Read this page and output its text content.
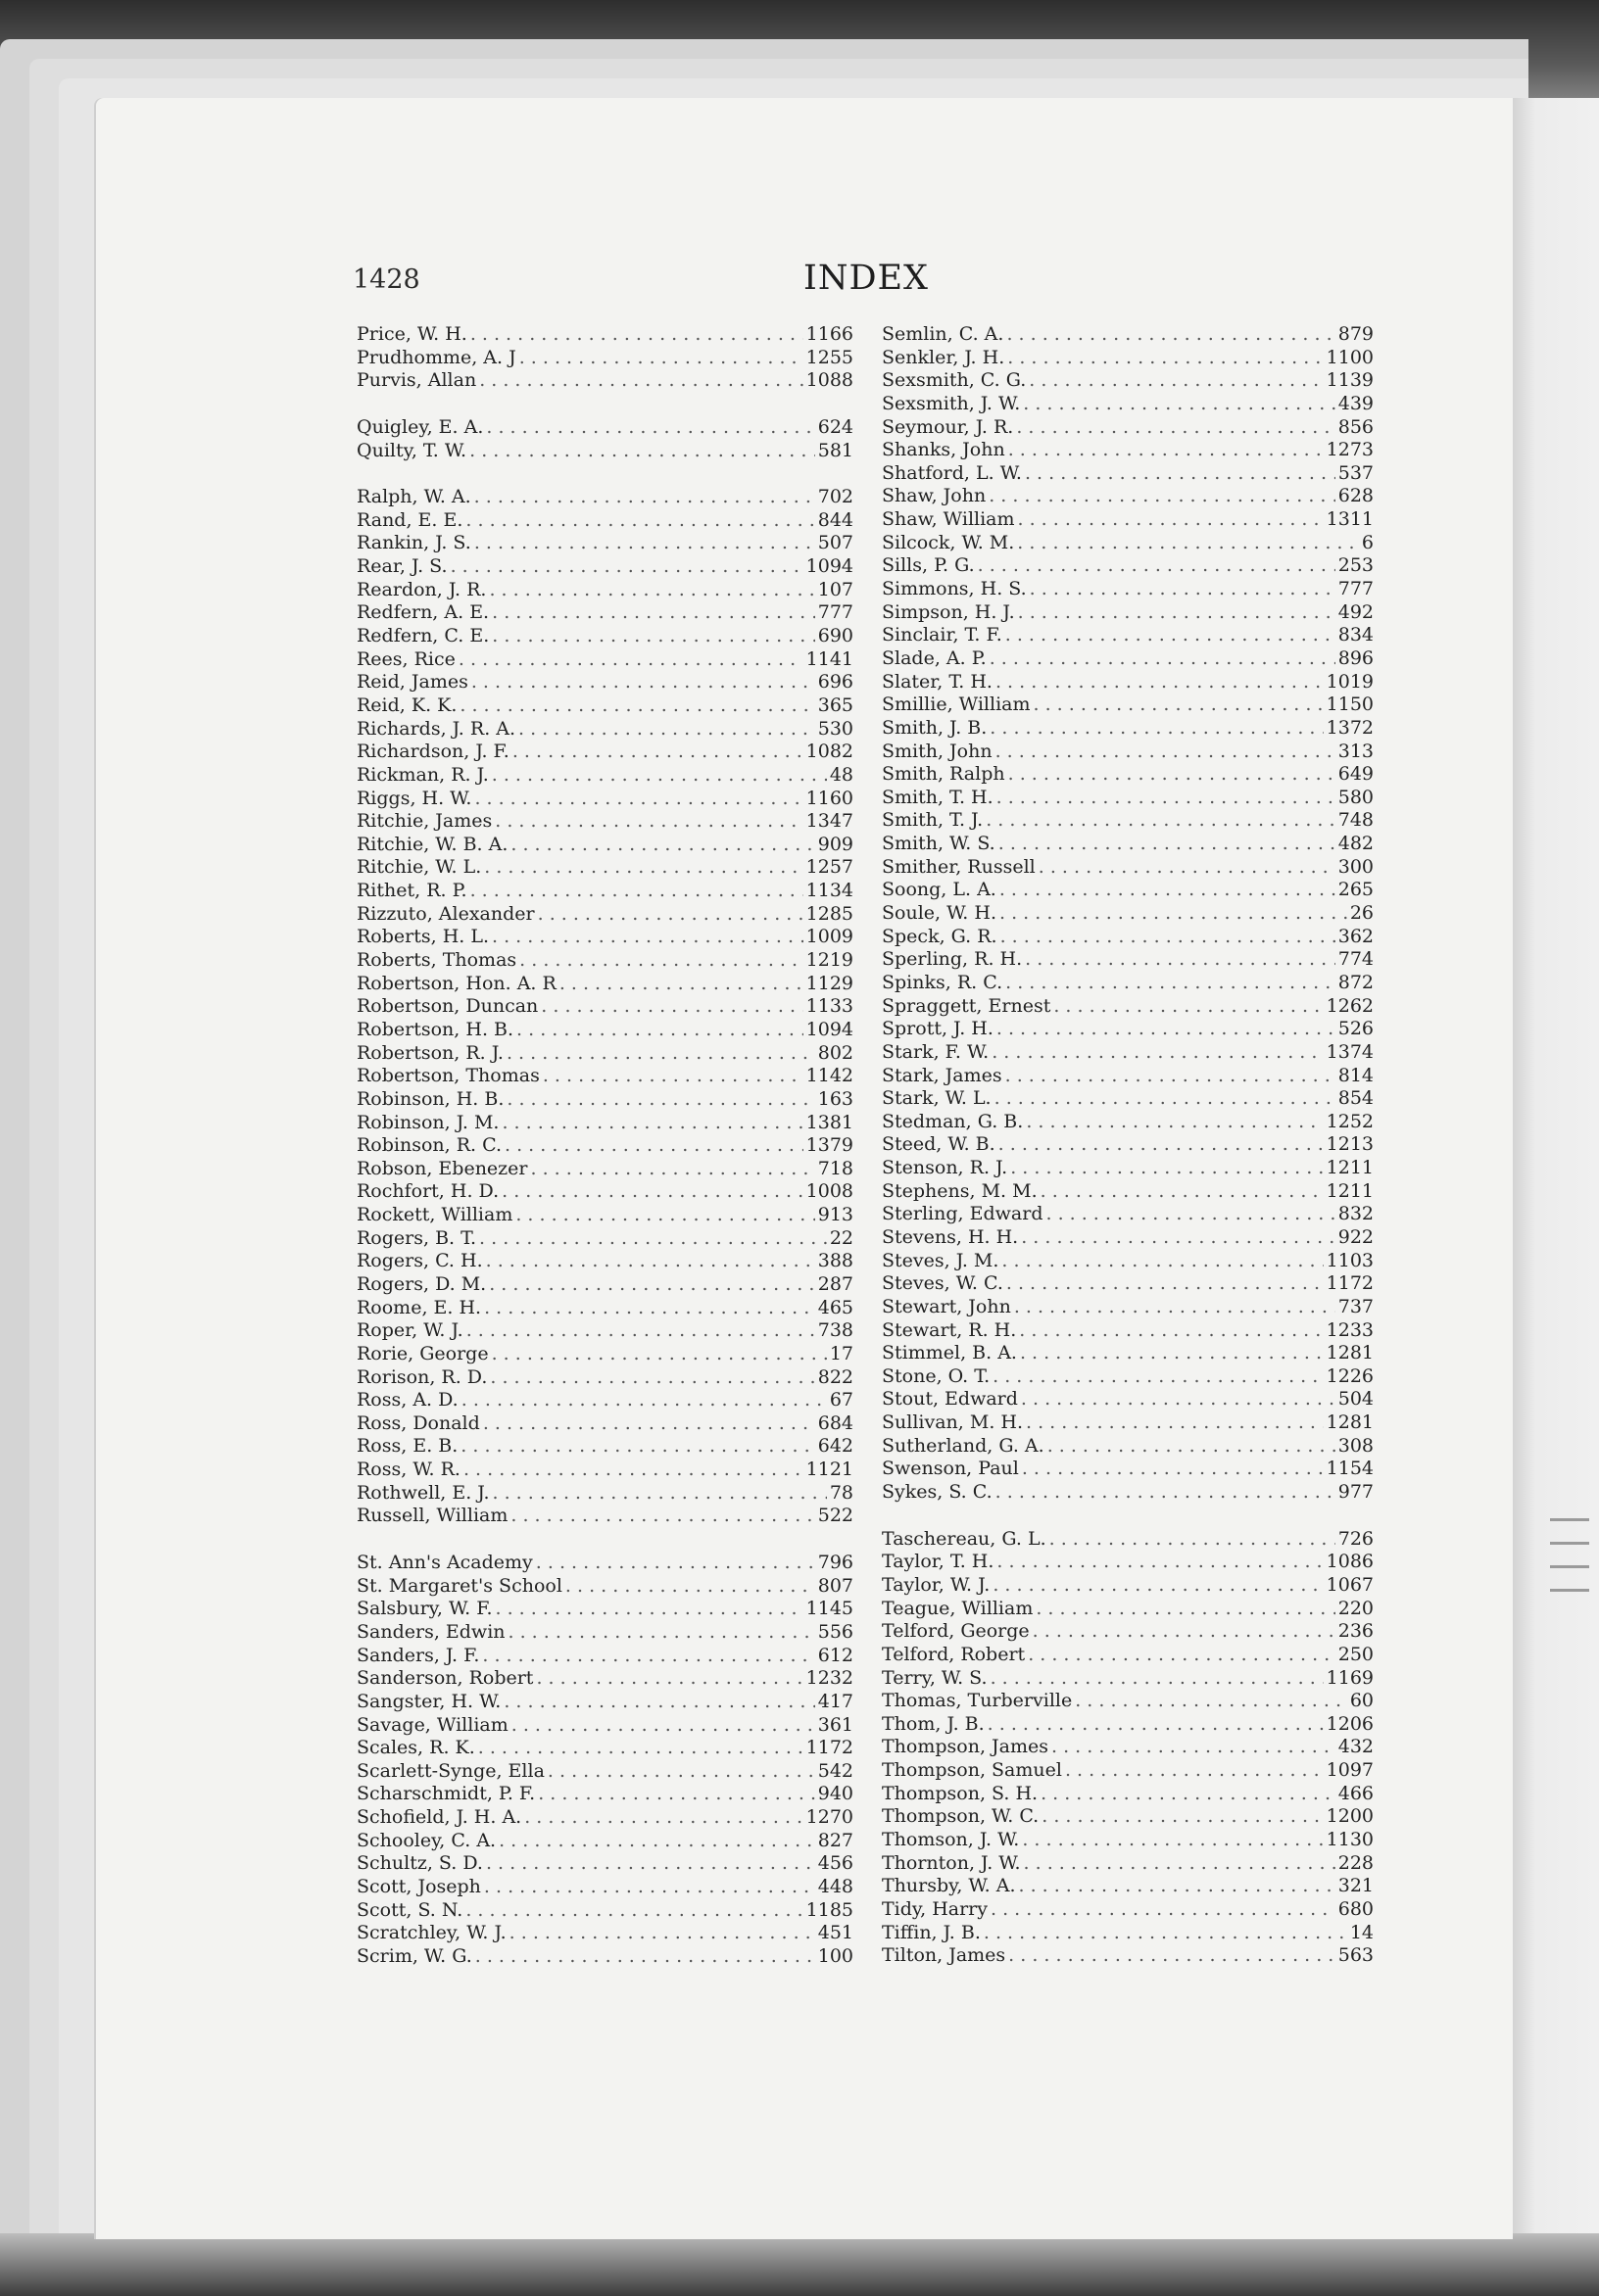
1428	INDEX
Price, W. H. . . .	1166
Prudhomme, A. J . . .	1255
Purvis, Allan . . .	1088
Quigley, E. A. . . .	624
Quilty, T. W. . . .	581
Ralph, W. A. . . .	702
Rand, E. E. . . .	844
Rankin, J. S. . . .	507
Rear, J. S. . . .	1094
Reardon, J. R. . . .	107
Redfern, A. E. . . .	777
Redfern, C. E. . . .	690
Rees, Rice . . .	1141
Reid, James . . .	696
Reid, K. K. . . .	365
Richards, J. R. A. . . .	530
Richardson, J. F. . . .	1082
Rickman, R. J. . . .	48
Riggs, H. W. . . .	1160
Ritchie, James . . .	1347
Ritchie, W. B. A. . . .	909
Ritchie, W. L. . . .	1257
Rithet, R. P. . . .	1134
Rizzuto, Alexander . . .	1285
Roberts, H. L. . . .	1009
Roberts, Thomas . . .	1219
Robertson, Hon. A. R . . .	1129
Robertson, Duncan . . .	1133
Robertson, H. B. . . .	1094
Robertson, R. J. . . .	802
Robertson, Thomas . . .	1142
Robinson, H. B. . . .	163
Robinson, J. M. . . .	1381
Robinson, R. C. . . .	1379
Robson, Ebenezer . . .	718
Rochfort, H. D. . . .	1008
Rockett, William . . .	913
Rogers, B. T. . . .	22
Rogers, C. H. . . .	388
Rogers, D. M. . . .	287
Roome, E. H. . . .	465
Roper, W. J. . . .	738
Rorie, George . . .	17
Rorison, R. D. . . .	822
Ross, A. D. . . .	67
Ross, Donald . . .	684
Ross, E. B. . . .	642
Ross, W. R. . . .	1121
Rothwell, E. J. . . .	78
Russell, William . . .	522
St. Ann's Academy . . .	796
St. Margaret's School . . .	807
Salsbury, W. F. . . .	1145
Sanders, Edwin . . .	556
Sanders, J. F. . . .	612
Sanderson, Robert . . .	1232
Sangster, H. W. . . .	417
Savage, William . . .	361
Scales, R. K. . . .	1172
Scarlett-Synge, Ella . . .	542
Scharschmidt, P. F. . . .	940
Schofield, J. H. A. . . .	1270
Schooley, C. A. . . .	827
Schultz, S. D. . . .	456
Scott, Joseph . . .	448
Scott, S. N. . . .	1185
Scratchley, W. J. . . .	451
Scrim, W. G. . . .	100
Semlin, C. A. . . .	879
Senkler, J. H. . . .	1100
Sexsmith, C. G. . . .	1139
Sexsmith, J. W. . . .	439
Seymour, J. R. . . .	856
Shanks, John . . .	1273
Shatford, L. W. . . .	537
Shaw, John . . .	628
Shaw, William . . .	1311
Silcock, W. M. . . .	6
Sills, P. G. . . .	253
Simmons, H. S. . . .	777
Simpson, H. J. . . .	492
Sinclair, T. F. . . .	834
Slade, A. P. . . .	896
Slater, T. H. . . .	1019
Smillie, William . . .	1150
Smith, J. B. . . .	1372
Smith, John . . .	313
Smith, Ralph . . .	649
Smith, T. H. . . .	580
Smith, T. J. . . .	748
Smith, W. S. . . .	482
Smither, Russell . . .	300
Soong, L. A. . . .	265
Soule, W. H. . . .	26
Speck, G. R. . . .	362
Sperling, R. H. . . .	774
Spinks, R. C. . . .	872
Spraggett, Ernest . . .	1262
Sprott, J. H. . . .	526
Stark, F. W. . . .	1374
Stark, James . . .	814
Stark, W. L. . . .	854
Stedman, G. B. . . .	1252
Steed, W. B. . . .	1213
Stenson, R. J. . . .	1211
Stephens, M. M. . . .	1211
Sterling, Edward . . .	832
Stevens, H. H. . . .	922
Steves, J. M. . . .	1103
Steves, W. C. . . .	1172
Stewart, John . . .	737
Stewart, R. H. . . .	1233
Stimmel, B. A. . . .	1281
Stone, O. T. . . .	1226
Stout, Edward . . .	504
Sullivan, M. H. . . .	1281
Sutherland, G. A. . . .	308
Swenson, Paul . . .	1154
Sykes, S. C. . . .	977
Taschereau, G. L. . . .	726
Taylor, T. H. . . .	1086
Taylor, W. J. . . .	1067
Teague, William . . .	220
Telford, George . . .	236
Telford, Robert . . .	250
Terry, W. S. . . .	1169
Thomas, Turberville . . .	60
Thom, J. B. . . .	1206
Thompson, James . . .	432
Thompson, Samuel . . .	1097
Thompson, S. H. . . .	466
Thompson, W. C. . . .	1200
Thomson, J. W. . . .	1130
Thornton, J. W. . . .	228
Thursby, W. A. . . .	321
Tidy, Harry . . .	680
Tiffin, J. B. . . .	14
Tilton, James . . .	563
